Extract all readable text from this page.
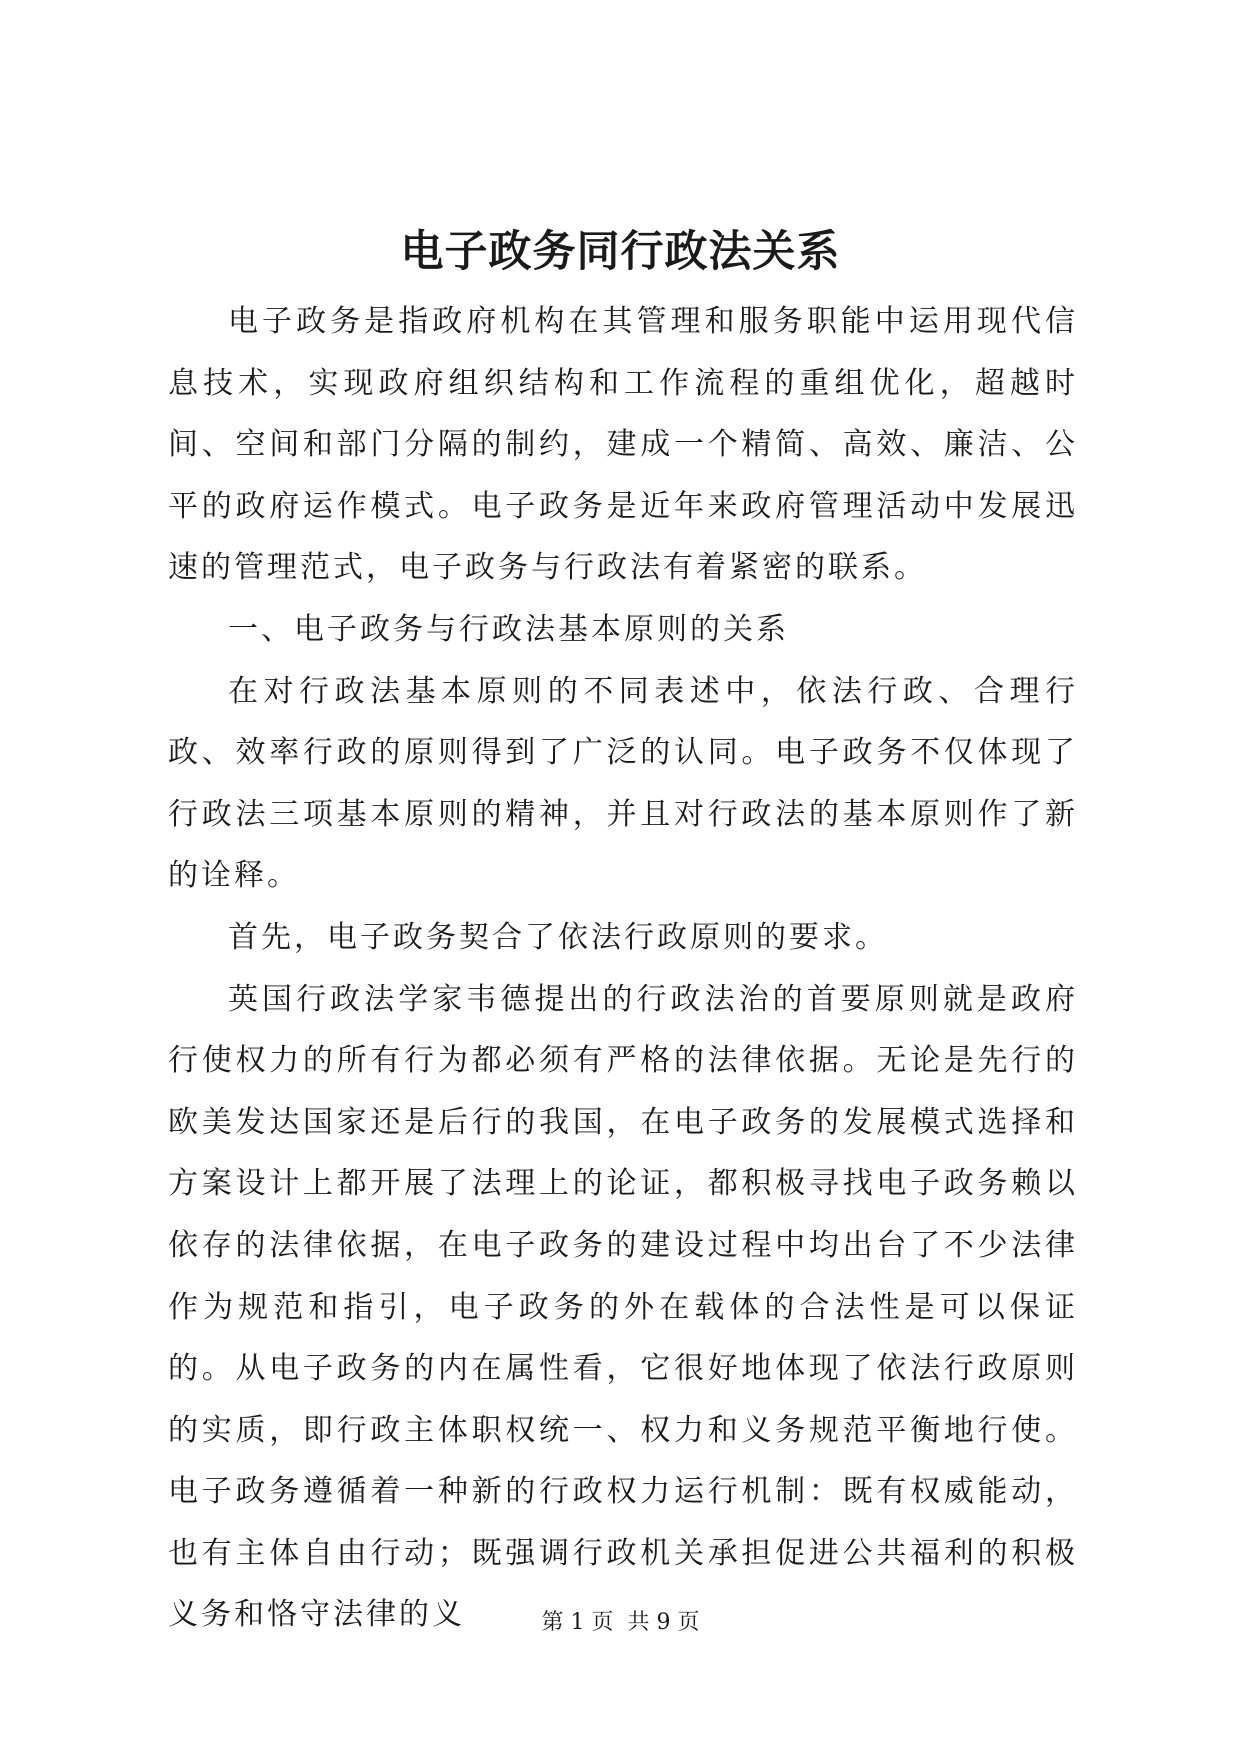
电子政务同行政法关系

电子政务是指政府机构在其管理和服务职能中运用现代信息技术，实现政府组织结构和工作流程的重组优化，超越时间、空间和部门分隔的制约，建成一个精简、高效、廉洁、公平的政府运作模式。电子政务是近年来政府管理活动中发展迅速的管理范式，电子政务与行政法有着紧密的联系。

一、电子政务与行政法基本原则的关系

在对行政法基本原则的不同表述中，依法行政、合理行政、效率行政的原则得到了广泛的认同。电子政务不仅体现了行政法三项基本原则的精神，并且对行政法的基本原则作了新的诠释。

首先，电子政务契合了依法行政原则的要求。

英国行政法学家韦德提出的行政法治的首要原则就是政府行使权力的所有行为都必须有严格的法律依据。无论是先行的欧美发达国家还是后行的我国，在电子政务的发展模式选择和方案设计上都开展了法理上的论证，都积极寻找电子政务赖以依存的法律依据，在电子政务的建设过程中均出台了不少法律作为规范和指引，电子政务的外在载体的合法性是可以保证的。从电子政务的内在属性看，它很好地体现了依法行政原则的实质，即行政主体职权统一、权力和义务规范平衡地行使。电子政务遵循着一种新的行政权力运行机制：既有权威能动，也有主体自由行动；既强调行政机关承担促进公共福利的积极义务和恪守法律的义	第 1 页  共 9 页
